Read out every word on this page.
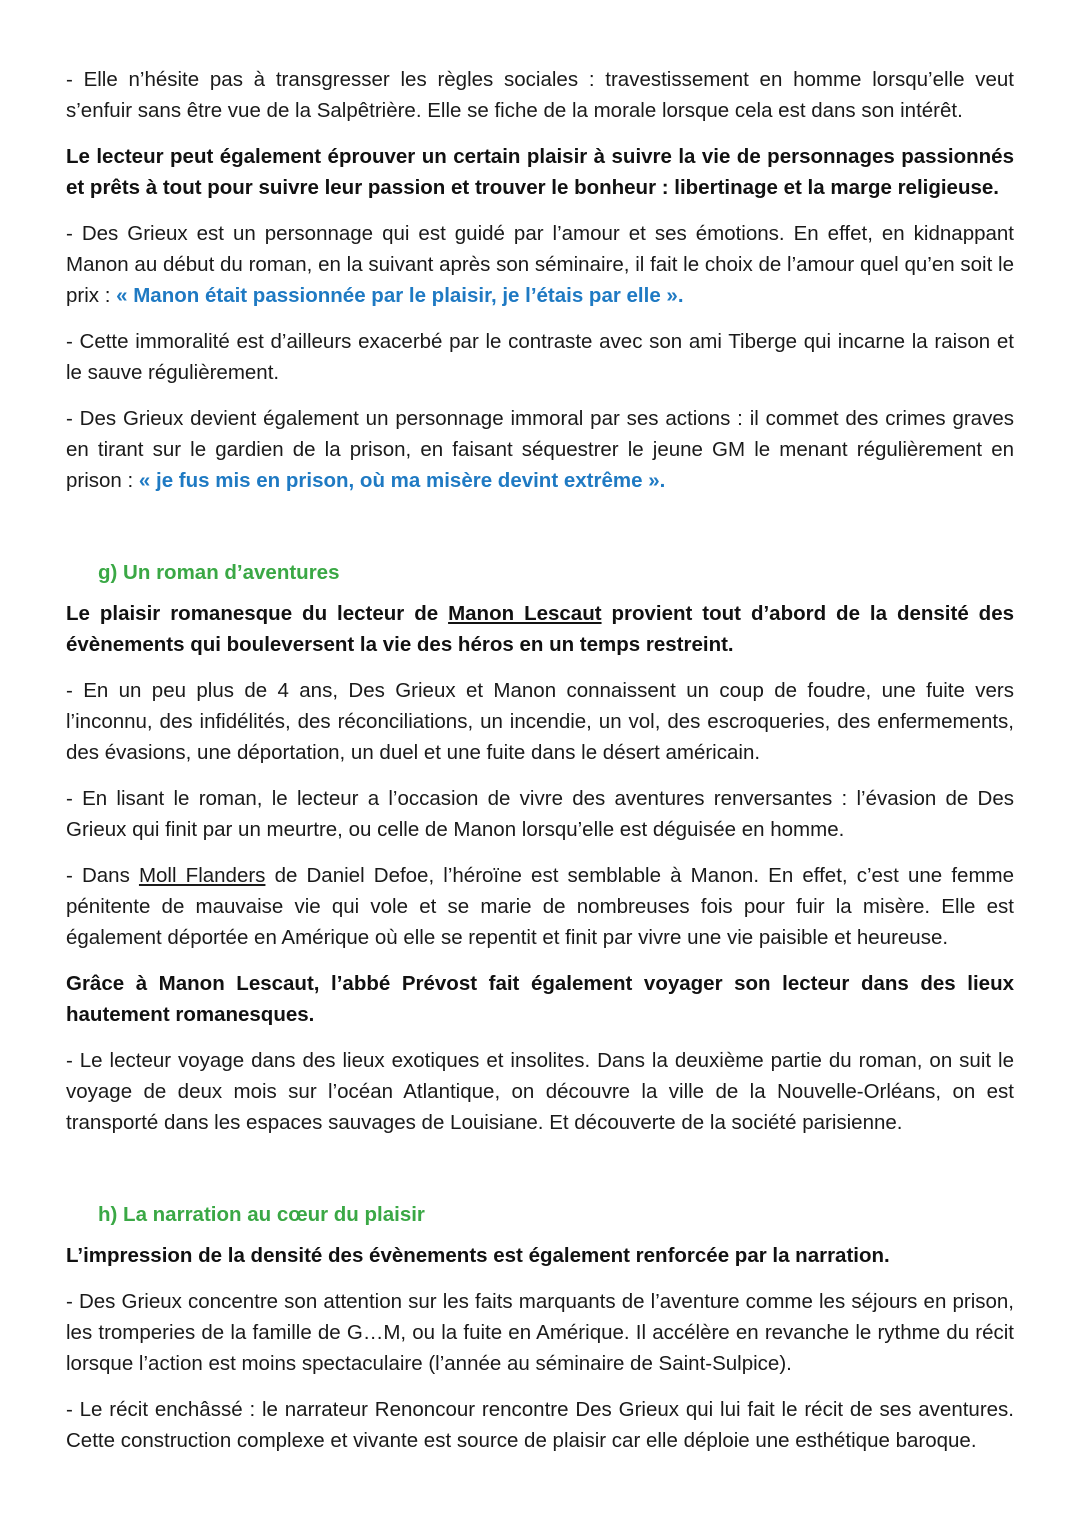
- Elle n’hésite pas à transgresser les règles sociales : travestissement en homme lorsqu’elle veut s’enfuir sans être vue de la Salpêtrière. Elle se fiche de la morale lorsque cela est dans son intérêt.

Le lecteur peut également éprouver un certain plaisir à suivre la vie de personnages passionnés et prêts à tout pour suivre leur passion et trouver le bonheur : libertinage et la marge religieuse.

- Des Grieux est un personnage qui est guidé par l’amour et ses émotions. En effet, en kidnappant Manon au début du roman, en la suivant après son séminaire, il fait le choix de l’amour quel qu’en soit le prix : « Manon était passionnée par le plaisir, je l’étais par elle ».

- Cette immoralité est d’ailleurs exacerbé par le contraste avec son ami Tiberge qui incarne la raison et le sauve régulièrement.

- Des Grieux devient également un personnage immoral par ses actions : il commet des crimes graves en tirant sur le gardien de la prison, en faisant séquestrer le jeune GM le menant régulièrement en prison : « je fus mis en prison, où ma misère devint extrême ».

g) Un roman d’aventures

Le plaisir romanesque du lecteur de Manon Lescaut provient tout d’abord de la densité des évènements qui bouleversent la vie des héros en un temps restreint.

- En un peu plus de 4 ans, Des Grieux et Manon connaissent un coup de foudre, une fuite vers l’inconnu, des infidélités, des réconciliations, un incendie, un vol, des escroqueries, des enfermements, des évasions, une déportation, un duel et une fuite dans le désert américain.

- En lisant le roman, le lecteur a l’occasion de vivre des aventures renversantes : l’évasion de Des Grieux qui finit par un meurtre, ou celle de Manon lorsqu’elle est déguisée en homme.

- Dans Moll Flanders de Daniel Defoe, l’héroïne est semblable à Manon. En effet, c’est une femme pénitente de mauvaise vie qui vole et se marie de nombreuses fois pour fuir la misère. Elle est également déportée en Amérique où elle se repentit et finit par vivre une vie paisible et heureuse.

Grâce à Manon Lescaut, l’abbé Prévost fait également voyager son lecteur dans des lieux hautement romanesques.

- Le lecteur voyage dans des lieux exotiques et insolites. Dans la deuxième partie du roman, on suit le voyage de deux mois sur l’océan Atlantique, on découvre la ville de la Nouvelle-Orléans, on est transporté dans les espaces sauvages de Louisiane. Et découverte de la société parisienne.

h) La narration au cœur du plaisir

L’impression de la densité des évènements est également renforcée par la narration.

- Des Grieux concentre son attention sur les faits marquants de l’aventure comme les séjours en prison, les tromperies de la famille de G…M, ou la fuite en Amérique. Il accélère en revanche le rythme du récit lorsque l’action est moins spectaculaire (l’année au séminaire de Saint-Sulpice).

- Le récit enchâssé : le narrateur Renoncour rencontre Des Grieux qui lui fait le récit de ses aventures. Cette construction complexe et vivante est source de plaisir car elle déploie une esthétique baroque.
